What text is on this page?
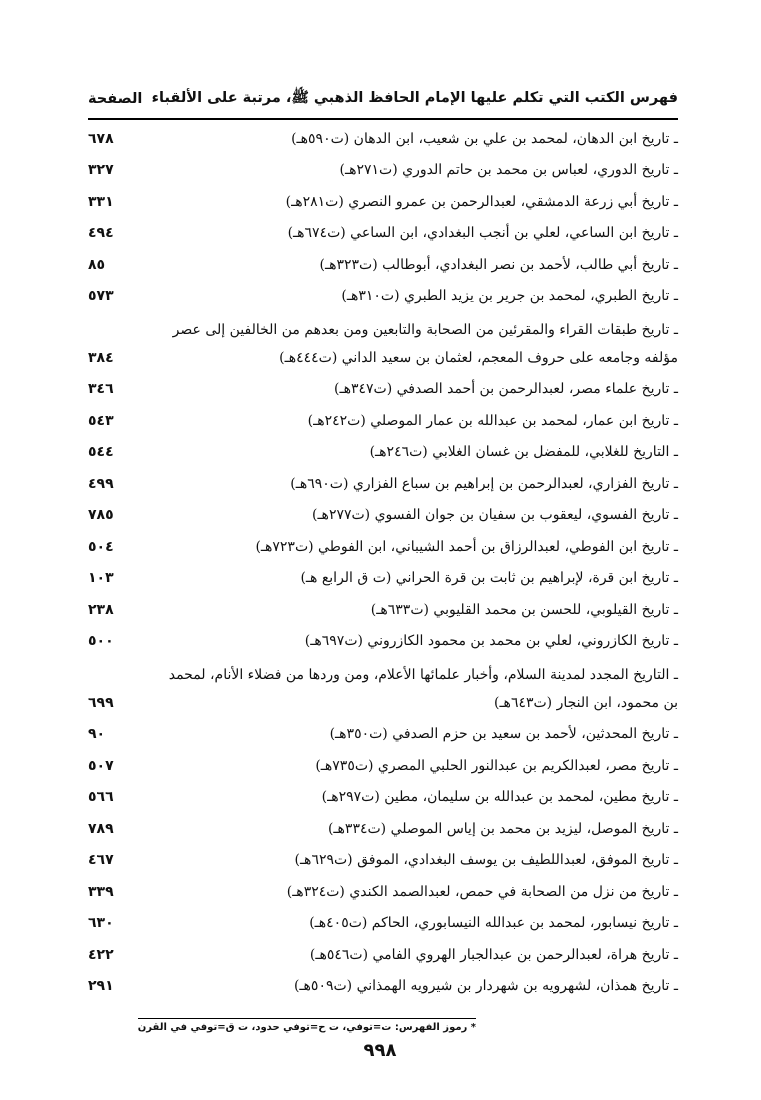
فهرس الكتب التي تكلم عليها الإمام الحافظ الذهبي ﷺ، مرتبة على الألقباء
الصفحة
ـ تاريخ ابن الدهان، لمحمد بن علي بن شعيب، ابن الدهان (ت٥٩٠هـ)
٦٧٨
ـ تاريخ الدوري، لعباس بن محمد بن حاتم الدوري (ت٢٧١هـ)
٣٢٧
ـ تاريخ أبي زرعة الدمشقي، لعبدالرحمن بن عمرو النصري (ت٢٨١هـ)
٣٣١
ـ تاريخ ابن الساعي، لعلي بن أنجب البغدادي، ابن الساعي (ت٦٧٤هـ)
٤٩٤
ـ تاريخ أبي طالب، لأحمد بن نصر البغدادي، أبوطالب (ت٣٢٣هـ)
٨٥
ـ تاريخ الطبري، لمحمد بن جرير بن يزيد الطبري (ت٣١٠هـ)
٥٧٣
ـ تاريخ طبقات القراء والمقرئين من الصحابة والتابعين ومن بعدهم من الخالفين إلى عصر مؤلفه وجامعه على حروف المعجم، لعثمان بن سعيد الداني (ت٤٤٤هـ)
٣٨٤
ـ تاريخ علماء مصر، لعبدالرحمن بن أحمد الصدفي (ت٣٤٧هـ)
٣٤٦
ـ تاريخ ابن عمار، لمحمد بن عبدالله بن عمار الموصلي (ت٢٤٢هـ)
٥٤٣
ـ التاريخ للغلابي، للمفضل بن غسان الغلابي (ت٢٤٦هـ)
٥٤٤
ـ تاريخ الفزاري، لعبدالرحمن بن إبراهيم بن سباع الفزاري (ت٦٩٠هـ)
٤٩٩
ـ تاريخ الفسوي، ليعقوب بن سفيان بن جوان الفسوي (ت٢٧٧هـ)
٧٨٥
ـ تاريخ ابن الفوطي، لعبدالرزاق بن أحمد الشيباني، ابن الفوطي (ت٧٢٣هـ)
٥٠٤
ـ تاريخ ابن قرة، لإبراهيم بن ثابت بن قرة الحراني (ت ق الرابع هـ)
١٠٣
ـ تاريخ القيلوبي، للحسن بن محمد القليوبي (ت٦٣٣هـ)
٢٣٨
ـ تاريخ الكازروني، لعلي بن محمد بن محمود الكازروني (ت٦٩٧هـ)
٥٠٠
ـ التاريخ المجدد لمدينة السلام، وأخبار علمائها الأعلام، ومن وردها من فضلاء الأنام، لمحمد بن محمود، ابن النجار (ت٦٤٣هـ)
٦٩٩
ـ تاريخ المحدثين، لأحمد بن سعيد بن حزم الصدفي (ت٣٥٠هـ)
٩٠
ـ تاريخ مصر، لعبدالكريم بن عبدالنور الحلبي المصري (ت٧٣٥هـ)
٥٠٧
ـ تاريخ مطين، لمحمد بن عبدالله بن سليمان، مطين (ت٢٩٧هـ)
٥٦٦
ـ تاريخ الموصل، ليزيد بن محمد بن إياس الموصلي (ت٣٣٤هـ)
٧٨٩
ـ تاريخ الموفق، لعبداللطيف بن يوسف البغدادي، الموفق (ت٦٢٩هـ)
٤٦٧
ـ تاريخ من نزل من الصحابة في حمص، لعبدالصمد الكندي (ت٣٢٤هـ)
٣٣٩
ـ تاريخ نيسابور، لمحمد بن عبدالله النيسابوري، الحاكم (ت٤٠٥هـ)
٦٣٠
ـ تاريخ هراة، لعبدالرحمن بن عبدالجبار الهروي الفامي (ت٥٤٦هـ)
٤٢٢
ـ تاريخ همذان، لشهرويه بن شهردار بن شيرويه الهمذاني (ت٥٠٩هـ)
٢٩١
* رموز الفهرس: ت=توفي، ت ح=توفي حدود، ت ق=توفي في القرن
٩٩٨
